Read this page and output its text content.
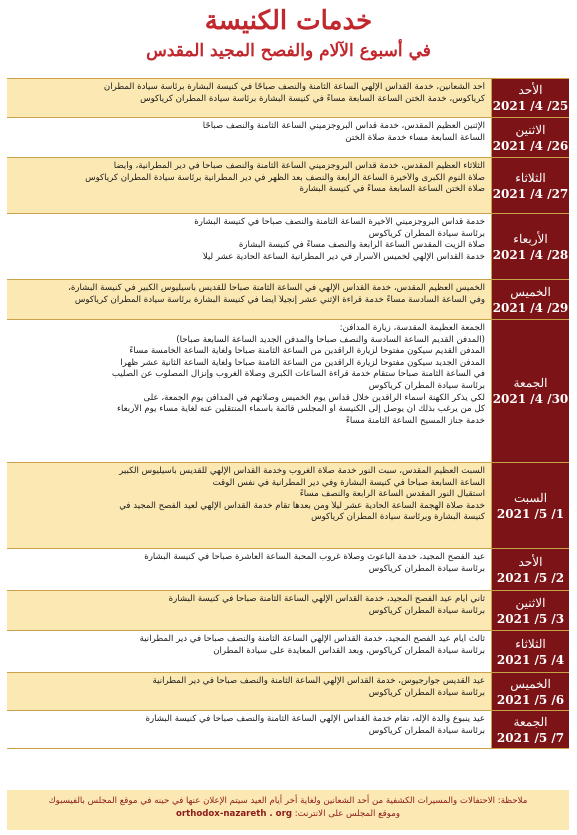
خدمات الكنيسة
في أسبوع الآلام والفصح المجيد المقدس
الأحد
2021 /4 /25
أحد الشعانين، خدمة القداس الإلهي الساعة الثامنة والنصف صباحًا في كنيسة البشارة برئاسة سيادة المطران
كرياكوس، خدمة الختن الساعة السابعة مساءً في كنيسة البشارة برئاسة سيادة المطران كرياكوس
الاثنين
2021 /4 /26
الإثنين العظيم المقدس، خدمة قداس البروجزميني الساعة الثامنة والنصف صباحًا
الساعة السابعة مساء خدمة صلاة الختن
الثلاثاء
2021 /4 /27
الثلاثاء العظيم المقدس، خدمة قداس البروجزميني الساعة الثامنة والنصف صباحاً في دير المطرانية، وأيضاً
صلاة النوم الكبرى والأخيرة الساعة الرابعة والنصف بعد الظهر في دير المطرانية برئاسة سيادة المطران كرياكوس
صلاة الختن الساعة السابعة مساءً في كنيسة البشارة
الأربعاء
2021 /4 /28
خدمة قداس البروجزميني الأخيرة الساعة الثامنة والنصف صباحاً في كنيسة البشارة
برئاسة سيادة المطران كرياكوس
صلاة الزيت المقدس الساعة الرابعة والنصف مساءً في كنيسة البشارة
خدمة القداس الإلهي لخميس الأسرار في دير المطرانية الساعة الحادية عشر ليلاً
الخميس
2021 /4 /29
الخميس العظيم المقدس، خدمة القداس الإلهي في الساعة الثامنة صباحاً للقديس باسيليوس الكبير في كنيسة البشارة،
وفي الساعة السادسة مساءً خدمة قراءة الإثني عشر إنجيلاً أيضاً في كنيسة البشارة برئاسة سيادة المطران كرياكوس
الجمعة
2021 /4 /30
الجمعة العظيمة المقدسة، زيارة المدافن:
(المدفن القديم الساعة السادسة والنصف صباحاً والمدفن الجديد الساعة السابعة صباحاً)
المدفن القديم سيكون مفتوحاً لزيارة الراقدين من الساعة الثامنة صباحاً ولغاية الساعة الخامسة مساءً
المدفن الجديد سيكون مفتوحاً لزيارة الراقدين من الساعة الثامنة صباحاً ولغاية الساعة الثانية عشر ظهراً
في الساعة الثامنة صباحاً ستقام خدمة قراءة الساعات الكبرى وصلاة الغروب وإنزال المصلوب عن الصليب
برئاسة سيادة المطران كرياكوس
لكي يذكر الكهنة أسماء الراقدين خلال قداس يوم الخميس وصلاتهم في المدافن يوم الجمعة، على
كل من يرغب بذلك أن يوصل إلى الكنيسة أو المجلس قائمة بأسماء المنتقلين عنه لغاية مساء يوم الأربعاء
خدمة جناز المسيح الساعة الثامنة مساءً
السبت
2021 /5 /1
السبت العظيم المقدس، سبت النور خدمة صلاة الغروب وخدمة القداس الإلهي للقديس باسيليوس الكبير
الساعة السابعة صباحاً في كنيسة البشارة وفي دير المطرانية في نفس الوقت
استقبال النور المقدس الساعة الرابعة والنصف مساءً
خدمة صلاة الهجمة الساعة الحادية عشر ليلاً ومن بعدها تقام خدمة القداس الإلهي لعيد الفصح المجيد في
كنيسة البشارة وبرئاسة سيادة المطران كرياكوس
الأحد
2021 /5 /2
عيد الفصح المجيد، خدمة الباعوث وصلاة غروب المحبة الساعة العاشرة صباحاً في كنيسة البشارة
برئاسة سيادة المطران كرياكوس
الاثنين
2021 /5 /3
ثاني أيام عيد الفصح المجيد، خدمة القداس الإلهي الساعة الثامنة صباحاً في كنيسة البشارة
برئاسة سيادة المطران كرياكوس
الثلاثاء
2021 /5 /4
ثالث أيام عيد الفصح المجيد، خدمة القداس الإلهي الساعة الثامنة والنصف صباحاً في دير المطرانية
برئاسة سيادة المطران كرياكوس، وبعد القداس المعايدة على سيادة المطران
الخميس
2021 /5 /6
عيد القديس جوارجيوس، خدمة القداس الإلهي الساعة الثامنة والنصف صباحاً في دير المطرانية
برئاسة سيادة المطران كرياكوس
الجمعة
2021 /5 /7
عيد ينبوع والدة الإله، تقام خدمة القداس الإلهي الساعة الثامنة والنصف صباحاً في كنيسة البشارة
برئاسة سيادة المطران كرياكوس
ملاحظة: الاحتفالات والمسيرات الكشفية من أحد الشعانين ولغاية أخر أيام العيد سيتم الإعلان عنها في حينه في موقع المجلس بالفيسبوك
وموقع المجلس على الانترنت: orthodox-nazareth . org
